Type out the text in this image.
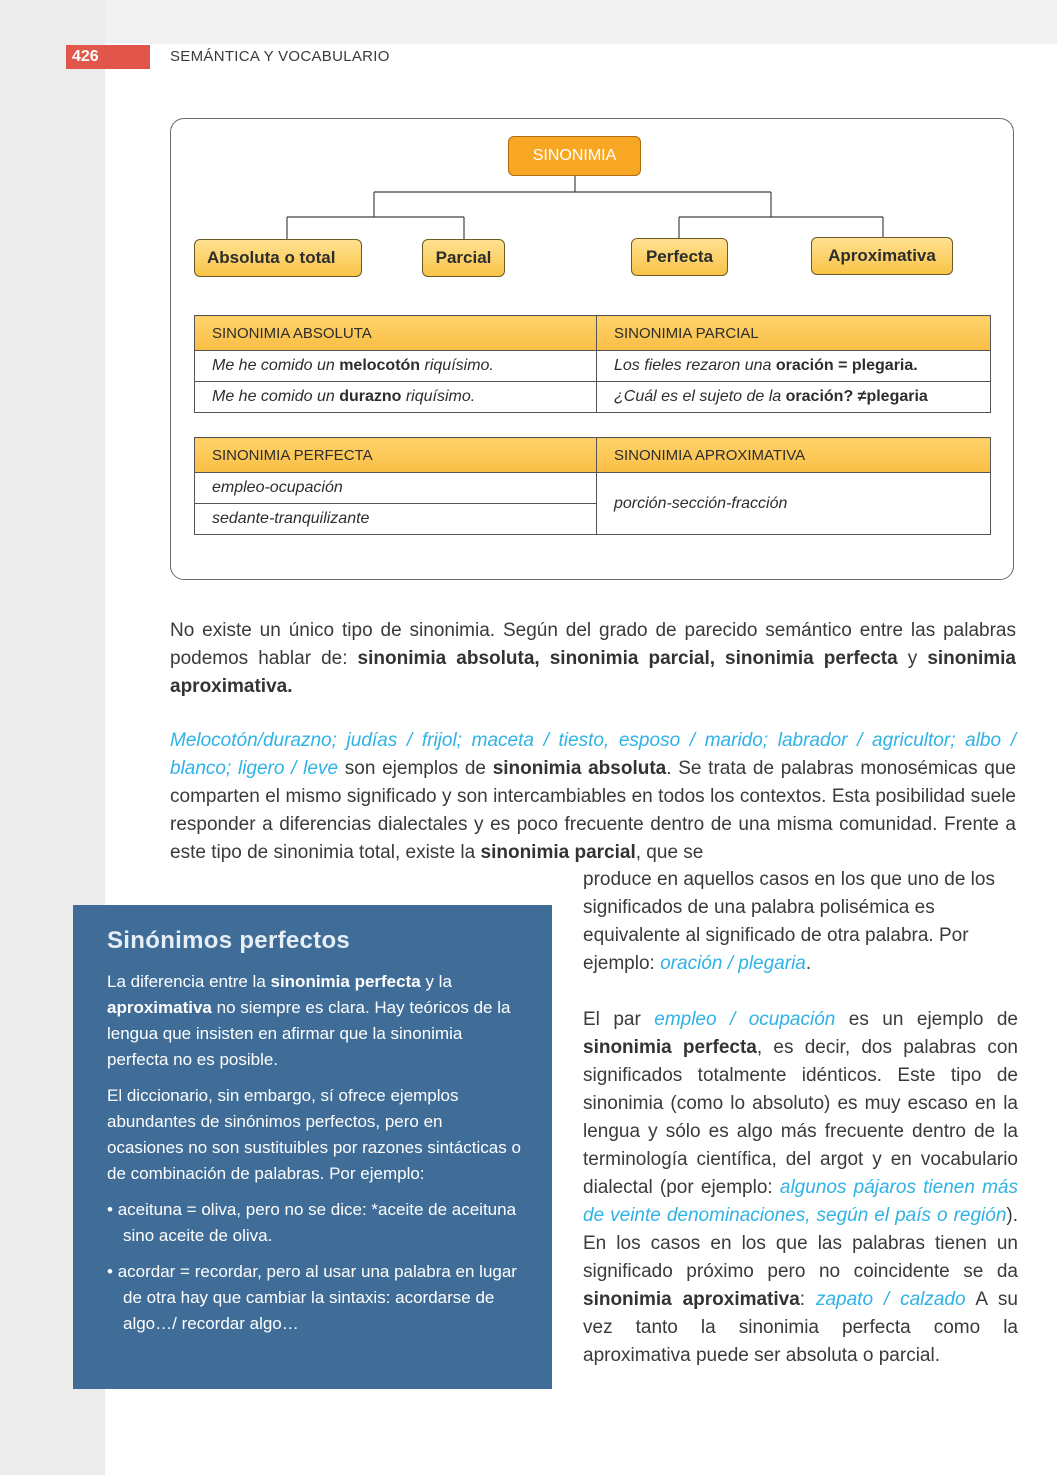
426	SEMÁNTICA Y VOCABULARIO
SINONIMIA
Absoluta o total	Parcial	Perfecta	Aproximativa
SINONIMIA ABSOLUTA	SINONIMIA PARCIAL
Me he comido un melocotón riquísimo.	Los fieles rezaron una oración = plegaria.
Me he comido un durazno riquísimo.	¿Cuál es el sujeto de la oración? ≠plegaria
SINONIMIA PERFECTA	SINONIMIA APROXIMATIVA
empleo-ocupación	porción-sección-fracción
sedante-tranquilizante	

No existe un único tipo de sinonimia. Según del grado de parecido semántico entre las palabras podemos hablar de: sinonimia absoluta, sinonimia parcial, sinonimia perfecta y sinonimia aproximativa.

Melocotón/durazno; judías / frijol; maceta / tiesto, esposo / marido; labrador / agricultor; albo / blanco; ligero / leve son ejemplos de sinonimia absoluta. Se trata de palabras monosémicas que comparten el mismo significado y son intercambiables en todos los contextos. Esta posibilidad suele responder a diferencias dialectales y es poco frecuente dentro de una misma comunidad. Frente a este tipo de sinonimia total, existe la sinonimia parcial, que se

produce en aquellos casos en los que uno de los significados de una palabra polisémica es equivalente al significado de otra palabra. Por ejemplo: oración / plegaria.

El par empleo / ocupación es un ejemplo de sinonimia perfecta, es decir, dos palabras con significados totalmente idénticos. Este tipo de sinonimia (como lo absoluto) es muy escaso en la lengua y sólo es algo más frecuente dentro de la terminología científica, del argot y en vocabulario dialectal (por ejemplo: algunos pájaros tienen más de veinte denominaciones, según el país o región). En los casos en los que las palabras tienen un significado próximo pero no coincidente se da sinonimia aproximativa: zapato / calzado A su vez tanto la sinonimia perfecta como la aproximativa puede ser absoluta o parcial.

Sinónimos perfectos

La diferencia entre la sinonimia perfecta y la aproximativa no siempre es clara. Hay teóricos de la lengua que insisten en afirmar que la sinonimia perfecta no es posible.

El diccionario, sin embargo, sí ofrece ejemplos abundantes de sinónimos perfectos, pero en ocasiones no son sustituibles por razones sintácticas o de combinación de palabras. Por ejemplo:

• aceituna = oliva, pero no se dice: *aceite de aceituna sino aceite de oliva.
• acordar = recordar, pero al usar una palabra en lugar de otra hay que cambiar la sintaxis: acordarse de algo…/ recordar algo…
